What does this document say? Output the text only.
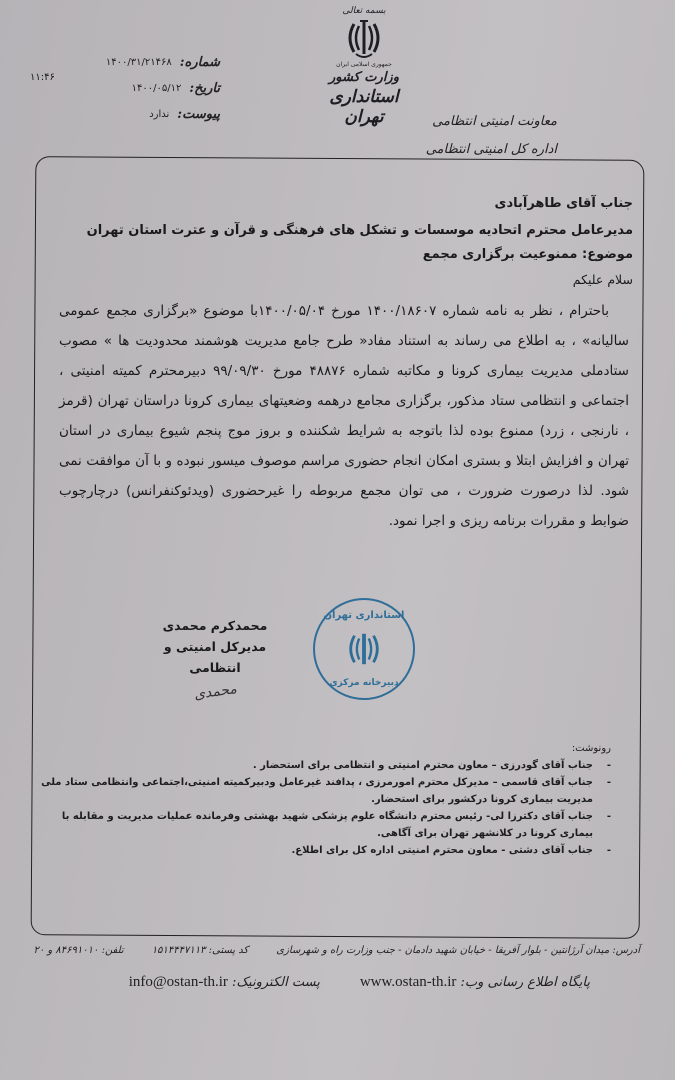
بسمه تعالی
جمهوری اسلامی ایران
وزارت کشور
استانداری تهران	معاونت امنیتی انتظامی
اداره کل امنیتی انتظامی
شماره:
۱۴۰۰/۳۱/۲۱۴۶۸
تاریخ:
۱۴۰۰/۰۵/۱۲
پیوست:
ندارد
۱۱:۴۶
جناب آقای طاهرآبادی
مدیرعامل محترم اتحادیه موسسات و تشکل های فرهنگی و قرآن و عترت استان تهران
موضوع: ممنوعیت برگزاری مجمع
سلام علیکم

باحترام ، نظر به نامه شماره ۱۴۰۰/۱۸۶۰۷ مورخ ۱۴۰۰/۰۵/۰۴با موضوع «برگزاری مجمع عمومی سالیانه» ، به اطلاع می رساند به استناد مفاد« طرح جامع مدیریت هوشمند محدودیت ها » مصوب ستادملی مدیریت بیماری کرونا و مکاتبه شماره ۴۸۸۷۶ مورخ ۹۹/۰۹/۳۰ دبیرمحترم کمیته امنیتی ، اجتماعی و انتظامی ستاد مذکور، برگزاری مجامع درهمه وضعیتهای بیماری کرونا دراستان تهران (قرمز ، نارنجی ، زرد) ممنوع بوده لذا باتوجه به شرایط شکننده و بروز موج پنجم شیوع بیماری در استان تهران و افزایش ابتلا و بستری امکان انجام حضوری مراسم موصوف میسور نبوده و با آن موافقت نمی شود. لذا درصورت ضرورت ، می توان مجمع مربوطه را غیرحضوری (ویدئوکنفرانس) درچارچوب ضوابط و مقررات برنامه ریزی و اجرا نمود.

محمدکرم محمدی
مدیرکل امنیتی و انتظامی
محمدی
استانداری تهران
دبیرخانه مرکزی
رونوشت:
- جناب آقای گودرزی – معاون محترم امنیتی و انتظامی برای استحضار .
- جناب آقای قاسمی – مدیرکل محترم امورمرزی ، پدافند غیرعامل ودبیرکمیته امنیتی،اجتماعی وانتظامی ستاد ملی مدیریت بیماری کرونا درکشور برای استحضار.
- جناب آقای دکترزا لی- رئیس محترم دانشگاه علوم پزشکی شهید بهشتی وفرمانده عملیات مدیریت و مقابله با بیماری کرونا در کلانشهر تهران برای آگاهی.
- جناب آقای دشتی - معاون محترم امنیتی اداره کل برای اطلاع.
آدرس: میدان آرژانتین - بلوار آفریقا - خیابان شهید دادمان - جنب وزارت راه و شهرسازی
کد پستی: ۱۵۱۴۴۴۷۱۱۳
تلفن: ۸۴۶۹۱۰۱۰ و ۲۰
پایگاه اطلاع رسانی وب: www.ostan-th.ir
پست الکترونیک: info@ostan-th.ir
